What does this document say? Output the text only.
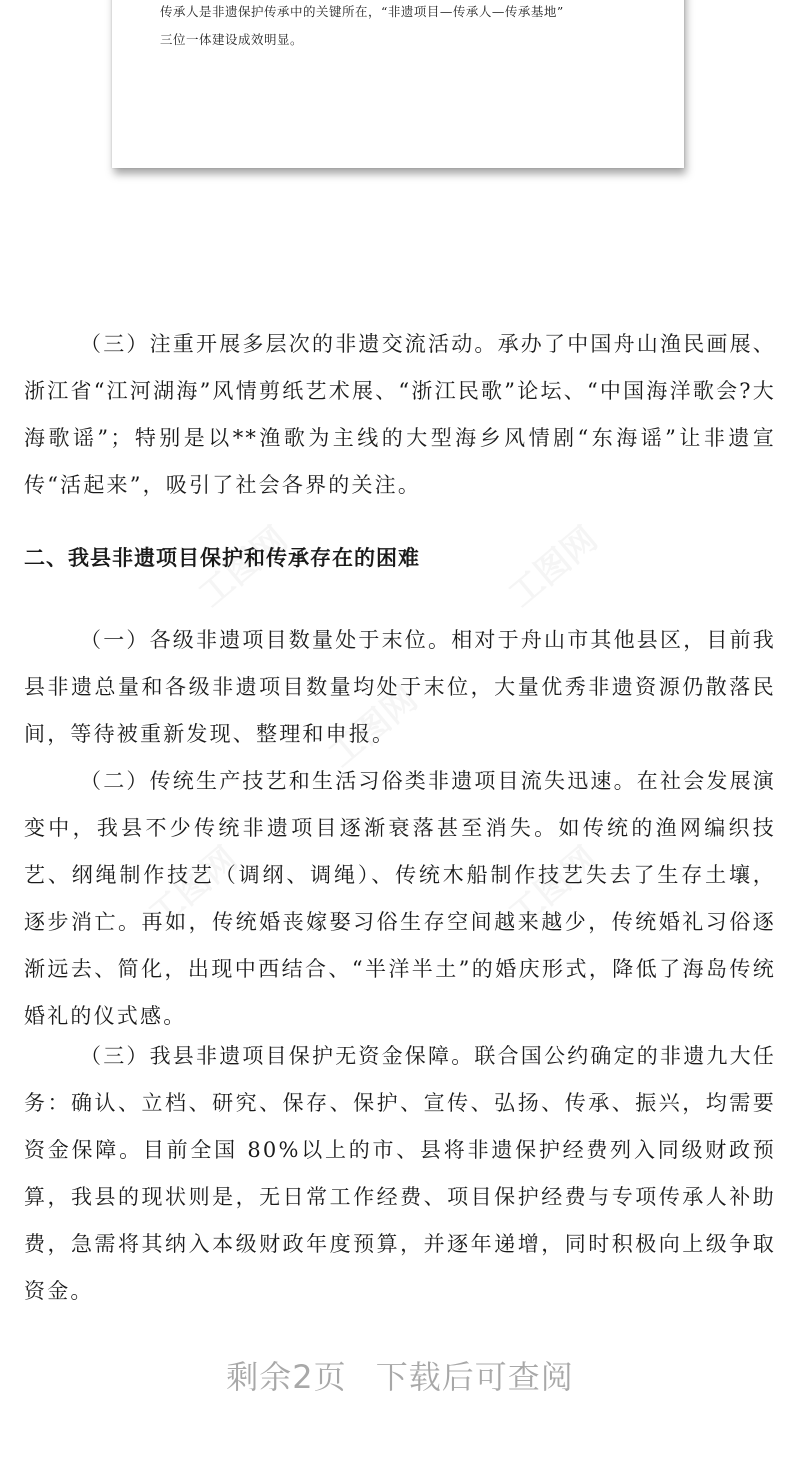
传承人是非遗保护传承中的关键所在，“非遗项目—传承人—传承基地”
三位一体建设成效明显。
工图网	工图网
工图网
工图网	工图网

（三）注重开展多层次的非遗交流活动。承办了中国舟山渔民画展、浙江省“江河湖海”风情剪纸艺术展、“浙江民歌”论坛、“中国海洋歌会?大海歌谣”；特别是以**渔歌为主线的大型海乡风情剧“东海谣”让非遗宣传“活起来”，吸引了社会各界的关注。

二、我县非遗项目保护和传承存在的困难

（一）各级非遗项目数量处于末位。相对于舟山市其他县区，目前我县非遗总量和各级非遗项目数量均处于末位，大量优秀非遗资源仍散落民间，等待被重新发现、整理和申报。

（二）传统生产技艺和生活习俗类非遗项目流失迅速。在社会发展演变中，我县不少传统非遗项目逐渐衰落甚至消失。如传统的渔网编织技艺、纲绳制作技艺（调纲、调绳）、传统木船制作技艺失去了生存土壤，逐步消亡。再如，传统婚丧嫁娶习俗生存空间越来越少，传统婚礼习俗逐渐远去、简化，出现中西结合、“半洋半土”的婚庆形式，降低了海岛传统婚礼的仪式感。

（三）我县非遗项目保护无资金保障。联合国公约确定的非遗九大任务：确认、立档、研究、保存、保护、宣传、弘扬、传承、振兴，均需要资金保障。目前全国 80%以上的市、县将非遗保护经费列入同级财政预算，我县的现状则是，无日常工作经费、项目保护经费与专项传承人补助费，急需将其纳入本级财政年度预算，并逐年递增，同时积极向上级争取资金。

剩余2页 下载后可查阅
